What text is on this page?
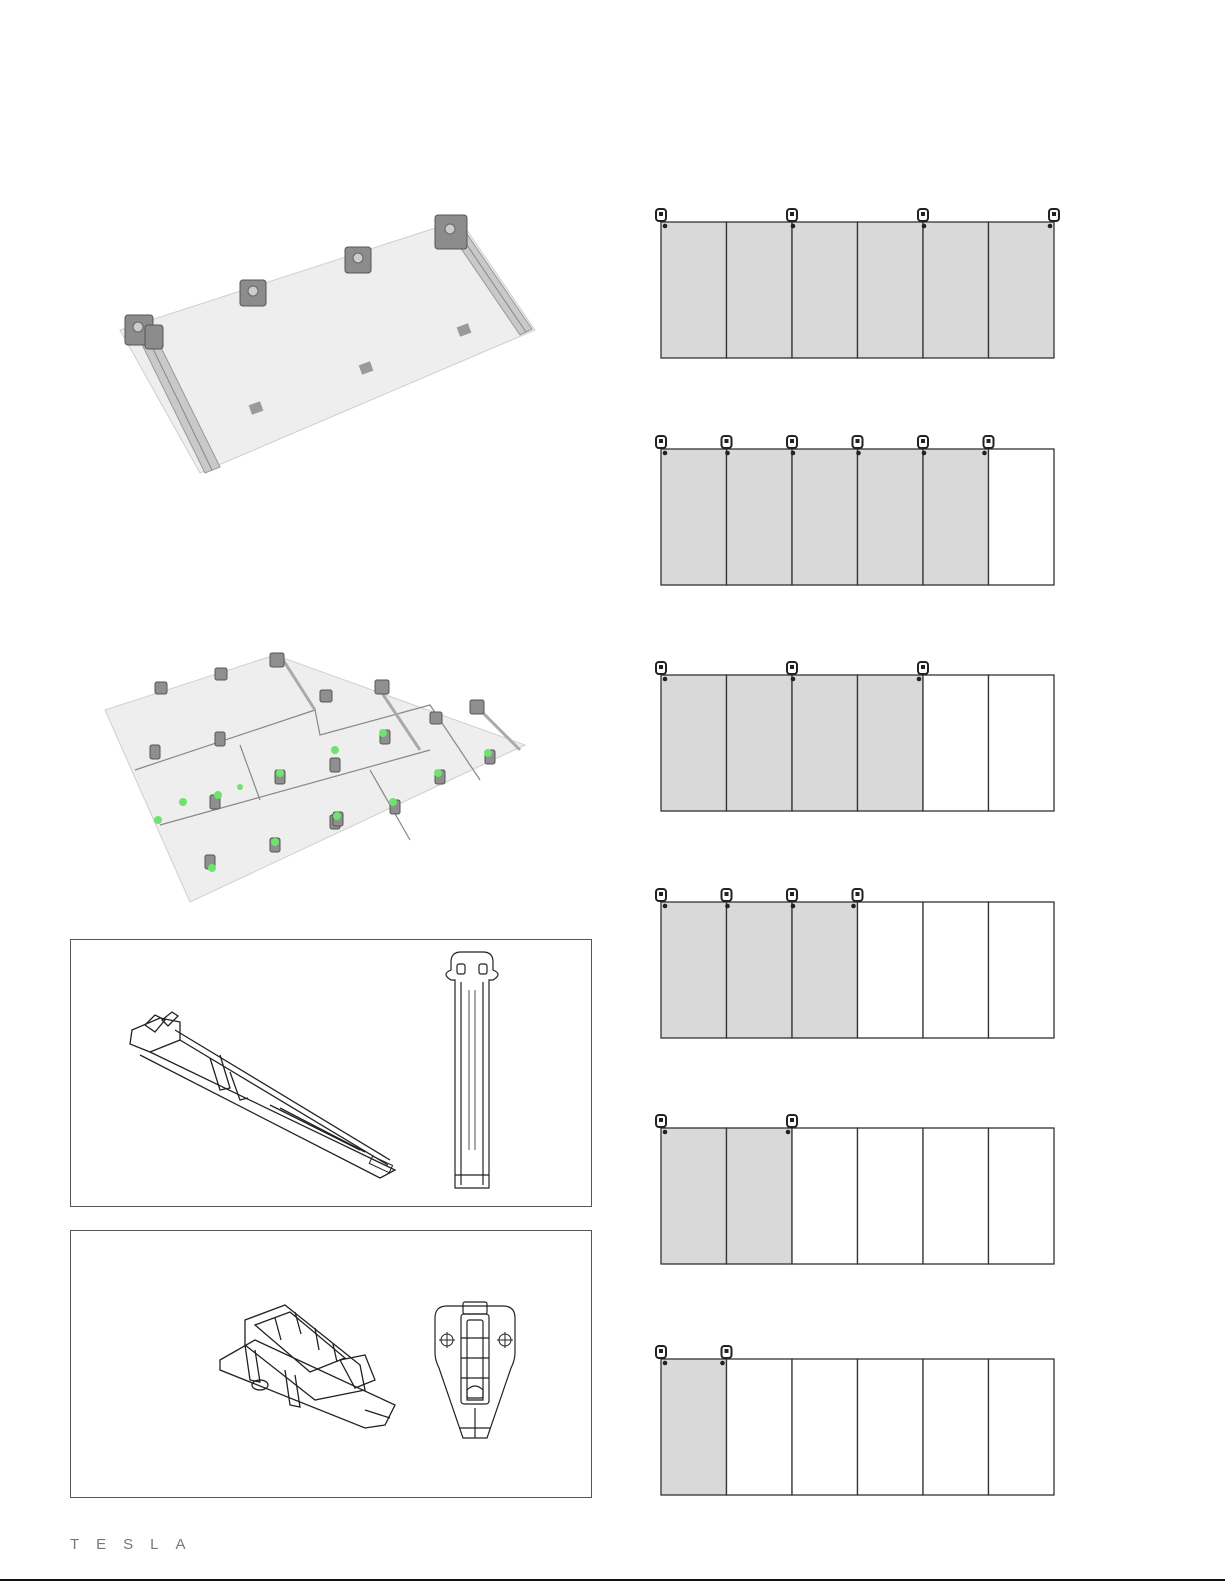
TESLA
